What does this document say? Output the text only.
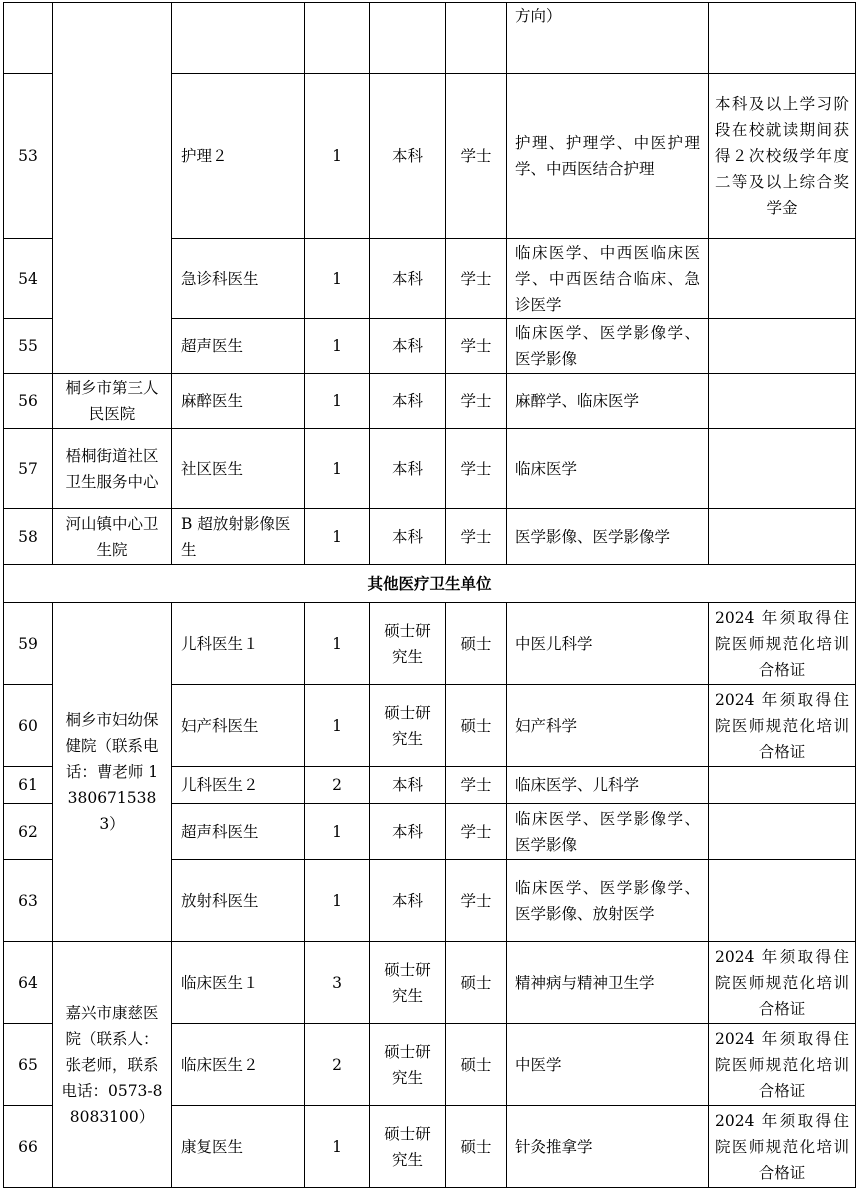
						方向）	
53		护理２	1	本科	学士	护理、护理学、中医护理学、中西医结合护理	本科及以上学习阶段在校就读期间获得２次校级学年度二等及以上综合奖学金
54		急诊科医生	1	本科	学士	临床医学、中西医临床医学、中西医结合临床、急诊医学	
55		超声医生	1	本科	学士	临床医学、医学影像学、医学影像	
56	桐乡市第三人民医院	麻醉医生	1	本科	学士	麻醉学、临床医学	
57	梧桐街道社区卫生服务中心	社区医生	1	本科	学士	临床医学	
58	河山镇中心卫生院	B 超放射影像医生	1	本科	学士	医学影像、医学影像学	
其他医疗卫生单位							
59	桐乡市妇幼保健院（联系电话：曹老师 13806715383）	儿科医生１	1	硕士研究生	硕士	中医儿科学	2024 年须取得住院医师规范化培训合格证
60		妇产科医生	1	硕士研究生	硕士	妇产科学	2024 年须取得住院医师规范化培训合格证
61		儿科医生２	2	本科	学士	临床医学、儿科学	
62		超声科医生	1	本科	学士	临床医学、医学影像学、医学影像	
63		放射科医生	1	本科	学士	临床医学、医学影像学、医学影像、放射医学	
64	嘉兴市康慈医院（联系人：张老师，联系电话：0573-88083100）	临床医生１	3	硕士研究生	硕士	精神病与精神卫生学	2024 年须取得住院医师规范化培训合格证
65		临床医生２	2	硕士研究生	硕士	中医学	2024 年须取得住院医师规范化培训合格证
66		康复医生	1	硕士研究生	硕士	针灸推拿学	2024 年须取得住院医师规范化培训合格证
